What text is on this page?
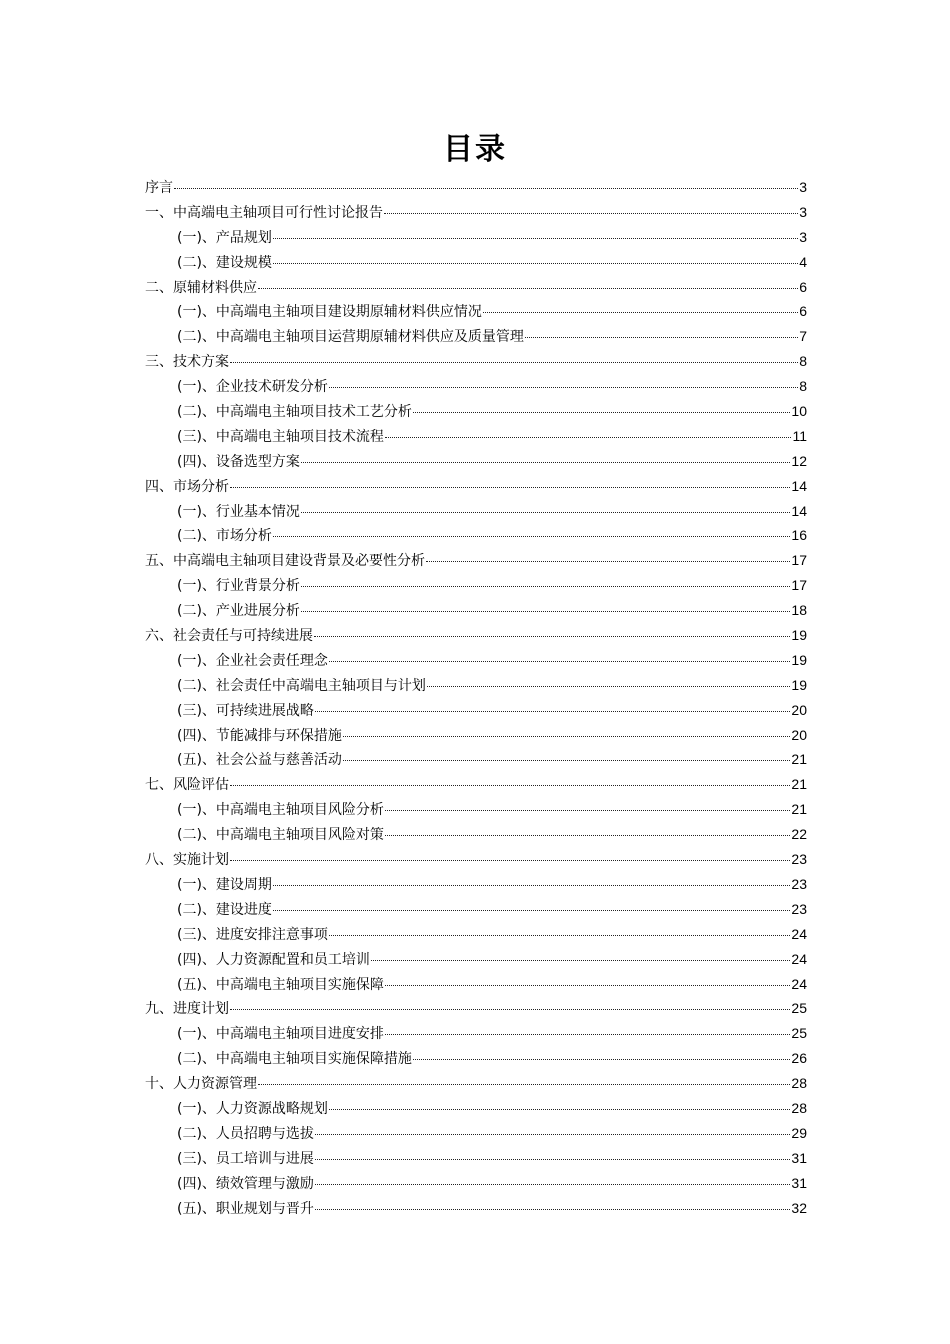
目录
序言	3
一、中高端电主轴项目可行性讨论报告	3
(一)、产品规划	3
(二)、建设规模	4
二、原辅材料供应	6
(一)、中高端电主轴项目建设期原辅材料供应情况	6
(二)、中高端电主轴项目运营期原辅材料供应及质量管理	7
三、技术方案	8
(一)、企业技术研发分析	8
(二)、中高端电主轴项目技术工艺分析	10
(三)、中高端电主轴项目技术流程	11
(四)、设备选型方案	12
四、市场分析	14
(一)、行业基本情况	14
(二)、市场分析	16
五、中高端电主轴项目建设背景及必要性分析	17
(一)、行业背景分析	17
(二)、产业进展分析	18
六、社会责任与可持续进展	19
(一)、企业社会责任理念	19
(二)、社会责任中高端电主轴项目与计划	19
(三)、可持续进展战略	20
(四)、节能减排与环保措施	20
(五)、社会公益与慈善活动	21
七、风险评估	21
(一)、中高端电主轴项目风险分析	21
(二)、中高端电主轴项目风险对策	22
八、实施计划	23
(一)、建设周期	23
(二)、建设进度	23
(三)、进度安排注意事项	24
(四)、人力资源配置和员工培训	24
(五)、中高端电主轴项目实施保障	24
九、进度计划	25
(一)、中高端电主轴项目进度安排	25
(二)、中高端电主轴项目实施保障措施	26
十、人力资源管理	28
(一)、人力资源战略规划	28
(二)、人员招聘与选拔	29
(三)、员工培训与进展	31
(四)、绩效管理与激励	31
(五)、职业规划与晋升	32
